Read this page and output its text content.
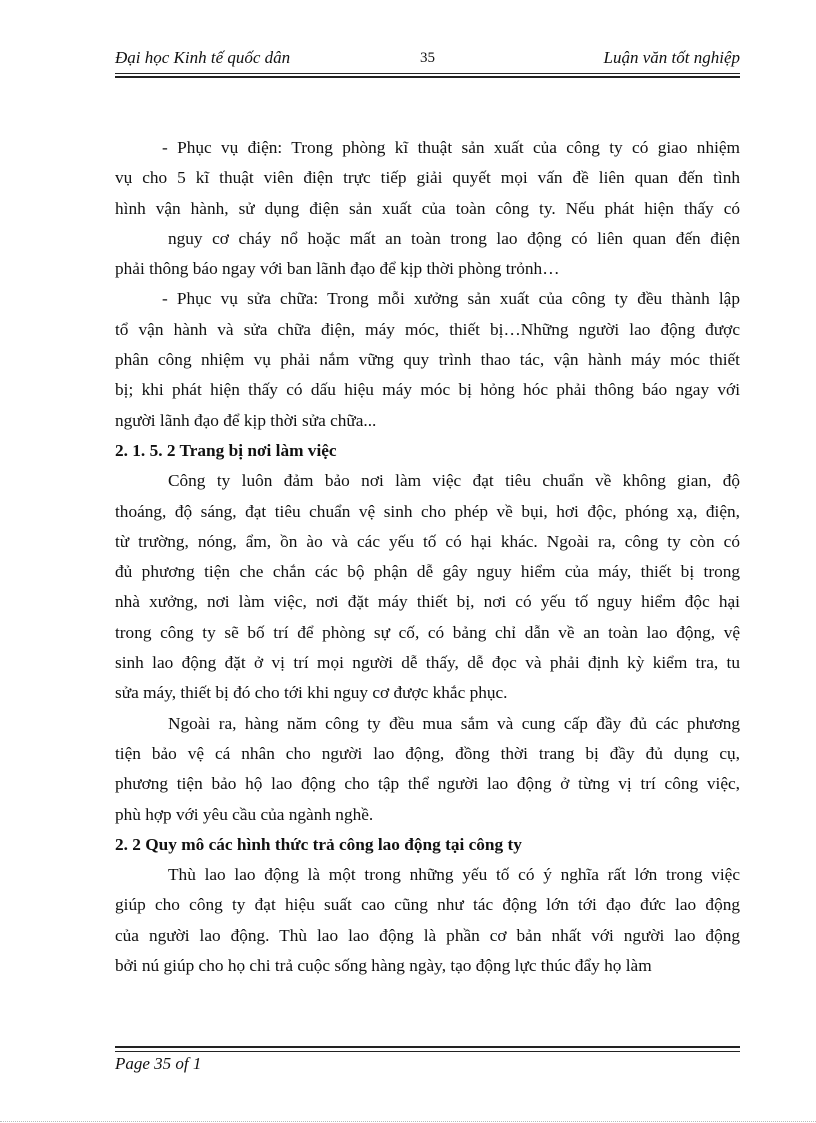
Đại học Kinh tế quốc dân	35	Luận văn tốt nghiệp
- Phục vụ điện: Trong phòng kĩ thuật sản xuất của công ty có giao nhiệm
vụ cho 5 kĩ thuật viên điện trực tiếp giải quyết mọi vấn đề liên quan đến tình
hình vận hành, sử dụng điện sản xuất của toàn công ty. Nếu phát hiện thấy có
nguy cơ cháy nổ hoặc mất an toàn trong lao động có liên quan đến điện
phải thông báo ngay với ban lãnh đạo để kịp thời phòng trỏnh…
- Phục vụ sửa chữa: Trong mỗi xưởng sản xuất của công ty đều thành lập
tổ vận hành và sửa chữa điện, máy móc, thiết bị…Những người lao động được
phân công nhiệm vụ phải nắm vững quy trình thao tác, vận hành máy móc thiết
bị; khi phát hiện thấy có dấu hiệu máy móc bị hỏng hóc phải thông báo ngay với
người lãnh đạo để kịp thời sửa chữa...
2. 1. 5. 2 Trang bị nơi làm việc
Công ty luôn đảm bảo nơi làm việc đạt tiêu chuẩn về không gian, độ
thoáng, độ sáng, đạt tiêu chuẩn vệ sinh cho phép về bụi, hơi độc, phóng xạ, điện,
từ trường, nóng, ẩm, ồn ào và các yếu tố có hại khác. Ngoài ra, công ty còn có
đủ phương tiện che chắn các bộ phận dễ gây nguy hiểm của máy, thiết bị trong
nhà xưởng, nơi làm việc, nơi đặt máy thiết bị, nơi có yếu tố nguy hiểm độc hại
trong công ty sẽ bố trí để phòng sự cố, có bảng chỉ dẫn về an toàn lao động, vệ
sinh lao động đặt ở vị trí mọi người dễ thấy, dễ đọc và phải định kỳ kiểm tra, tu
sửa máy, thiết bị đó cho tới khi nguy cơ được khắc phục.
Ngoài ra, hàng năm công ty đều mua sắm và cung cấp đầy đủ các phương
tiện bảo vệ cá nhân cho người lao động, đồng thời trang bị đầy đủ dụng cụ,
phương tiện bảo hộ lao động cho tập thể người lao động ở từng vị trí công việc,
phù hợp với yêu cầu của ngành nghề.
2. 2 Quy mô các hình thức trả công lao động tại công ty
Thù lao lao động là một trong những yếu tố có ý nghĩa rất lớn trong việc
giúp cho công ty đạt hiệu suất cao cũng như tác động lớn tới đạo đức lao động
của người lao động. Thù lao lao động là phần cơ bản nhất với người lao động
bởi nú giúp cho họ chi trả cuộc sống hàng ngày, tạo động lực thúc đẩy họ làm
Page 35 of 1
